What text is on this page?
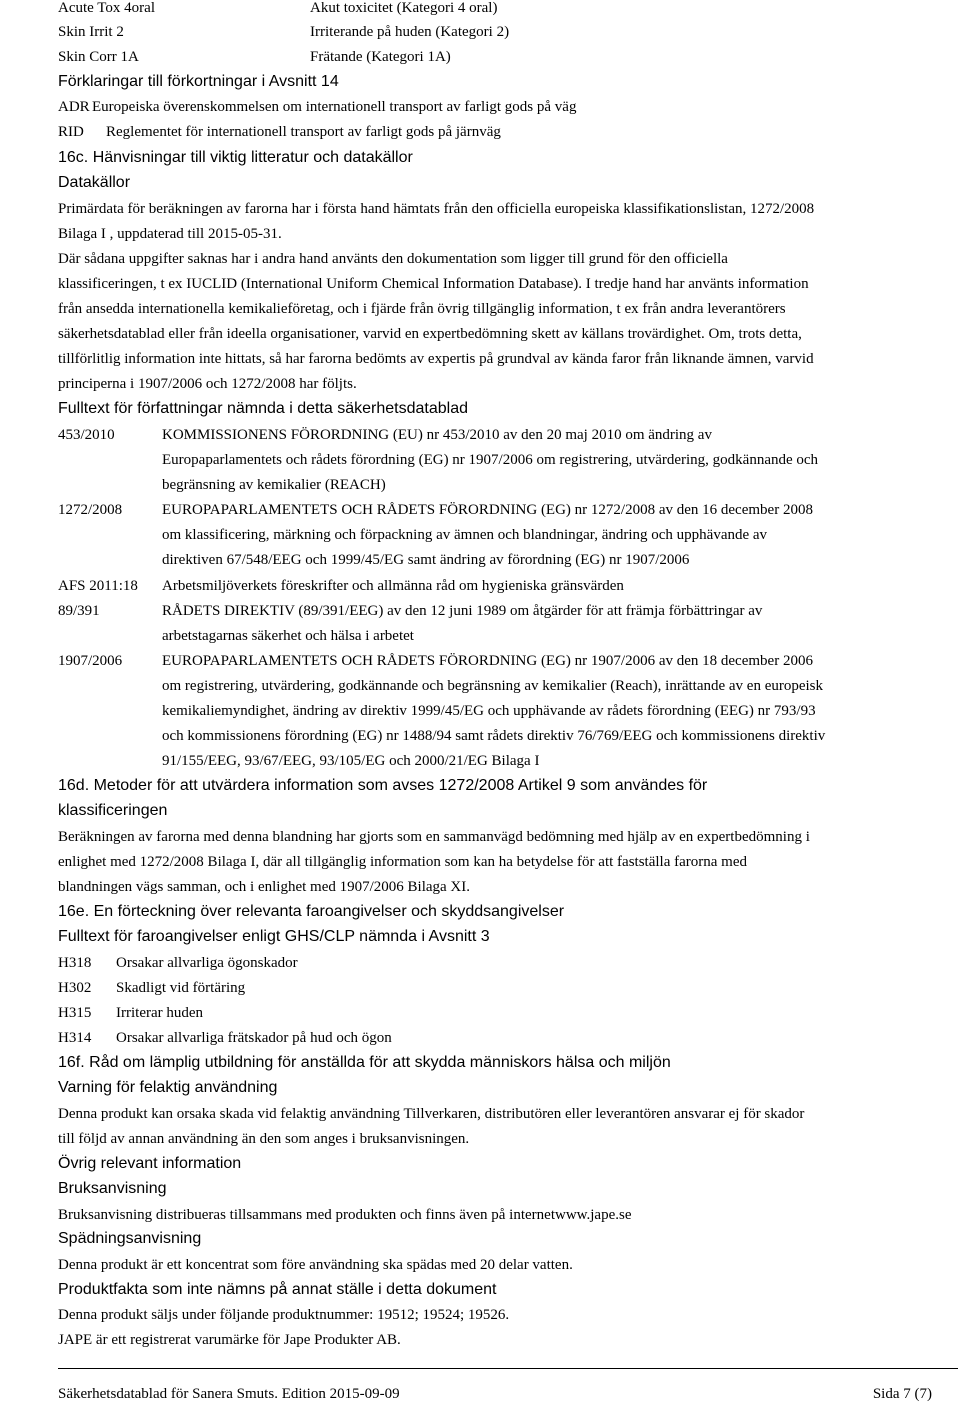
Acute Tox 4oral	Akut toxicitet (Kategori 4 oral)
Skin Irrit 2	Irriterande på huden (Kategori 2)
Skin Corr 1A	Frätande (Kategori 1A)
Förklaringar till förkortningar i Avsnitt 14
ADR Europeiska överenskommelsen om internationell transport av farligt gods på väg
RID Reglementet för internationell transport av farligt gods på järnväg
16c. Hänvisningar till viktig litteratur och datakällor
Datakällor
Primärdata för beräkningen av farorna har i första hand hämtats från den officiella europeiska klassifikationslistan, 1272/2008
Bilaga I , uppdaterad till 2015-05-31.
Där sådana uppgifter saknas har i andra hand använts den dokumentation som ligger till grund för den officiella
klassificeringen, t ex IUCLID (International Uniform Chemical Information Database). I tredje hand har använts information
från ansedda internationella kemikalieföretag, och i fjärde från övrig tillgänglig information, t ex från andra leverantörers
säkerhetsdatablad eller från ideella organisationer, varvid en expertbedömning skett av källans trovärdighet. Om, trots detta,
tillförlitlig information inte hittats, så har farorna bedömts av expertis på grundval av kända faror från liknande ämnen, varvid
principerna i 1907/2006 och 1272/2008 har följts.
Fulltext för författningar nämnda i detta säkerhetsdatablad
453/2010	KOMMISSIONENS FÖRORDNING (EU) nr 453/2010 av den 20 maj 2010 om ändring av
Europaparlamentets och rådets förordning (EG) nr 1907/2006 om registrering, utvärdering, godkännande och
begränsning av kemikalier (REACH)
1272/2008	EUROPAPARLAMENTETS OCH RÅDETS FÖRORDNING (EG) nr 1272/2008 av den 16 december 2008
om klassificering, märkning och förpackning av ämnen och blandningar, ändring och upphävande av
direktiven 67/548/EEG och 1999/45/EG samt ändring av förordning (EG) nr 1907/2006
AFS 2011:18 Arbetsmiljöverkets föreskrifter och allmänna råd om hygieniska gränsvärden
89/391	RÅDETS DIREKTIV (89/391/EEG) av den 12 juni 1989 om åtgärder för att främja förbättringar av
arbetstagarnas säkerhet och hälsa i arbetet
1907/2006	EUROPAPARLAMENTETS OCH RÅDETS FÖRORDNING (EG) nr 1907/2006 av den 18 december 2006
om registrering, utvärdering, godkännande och begränsning av kemikalier (Reach), inrättande av en europeisk
kemikaliemyndighet, ändring av direktiv 1999/45/EG och upphävande av rådets förordning (EEG) nr 793/93
och kommissionens förordning (EG) nr 1488/94 samt rådets direktiv 76/769/EEG och kommissionens direktiv
91/155/EEG, 93/67/EEG, 93/105/EG och 2000/21/EG Bilaga I
16d. Metoder för att utvärdera information som avses 1272/2008 Artikel 9 som användes för
klassificeringen
Beräkningen av farorna med denna blandning har gjorts som en sammanvägd bedömning med hjälp av en expertbedömning i
enlighet med 1272/2008 Bilaga I, där all tillgänglig information som kan ha betydelse för att fastställa farorna med
blandningen vägs samman, och i enlighet med 1907/2006 Bilaga XI.
16e. En förteckning över relevanta faroangivelser och skyddsangivelser
Fulltext för faroangivelser enligt GHS/CLP nämnda i Avsnitt 3
H318 Orsakar allvarliga ögonskador
H302 Skadligt vid förtäring
H315 Irriterar huden
H314 Orsakar allvarliga frätskador på hud och ögon
16f. Råd om lämplig utbildning för anställda för att skydda människors hälsa och miljön
Varning för felaktig användning
Denna produkt kan orsaka skada vid felaktig användning Tillverkaren, distributören eller leverantören ansvarar ej för skador
till följd av annan användning än den som anges i bruksanvisningen.
Övrig relevant information
Bruksanvisning
Bruksanvisning distribueras tillsammans med produkten och finns även på internetwww.jape.se
Spädningsanvisning
Denna produkt är ett koncentrat som före användning ska spädas med 20 delar vatten.
Produktfakta som inte nämns på annat ställe i detta dokument
Denna produkt säljs under följande produktnummer: 19512; 19524; 19526.
JAPE är ett registrerat varumärke för Jape Produkter AB.
Säkerhetsdatablad för Sanera Smuts. Edition 2015-09-09	Sida 7 (7)
